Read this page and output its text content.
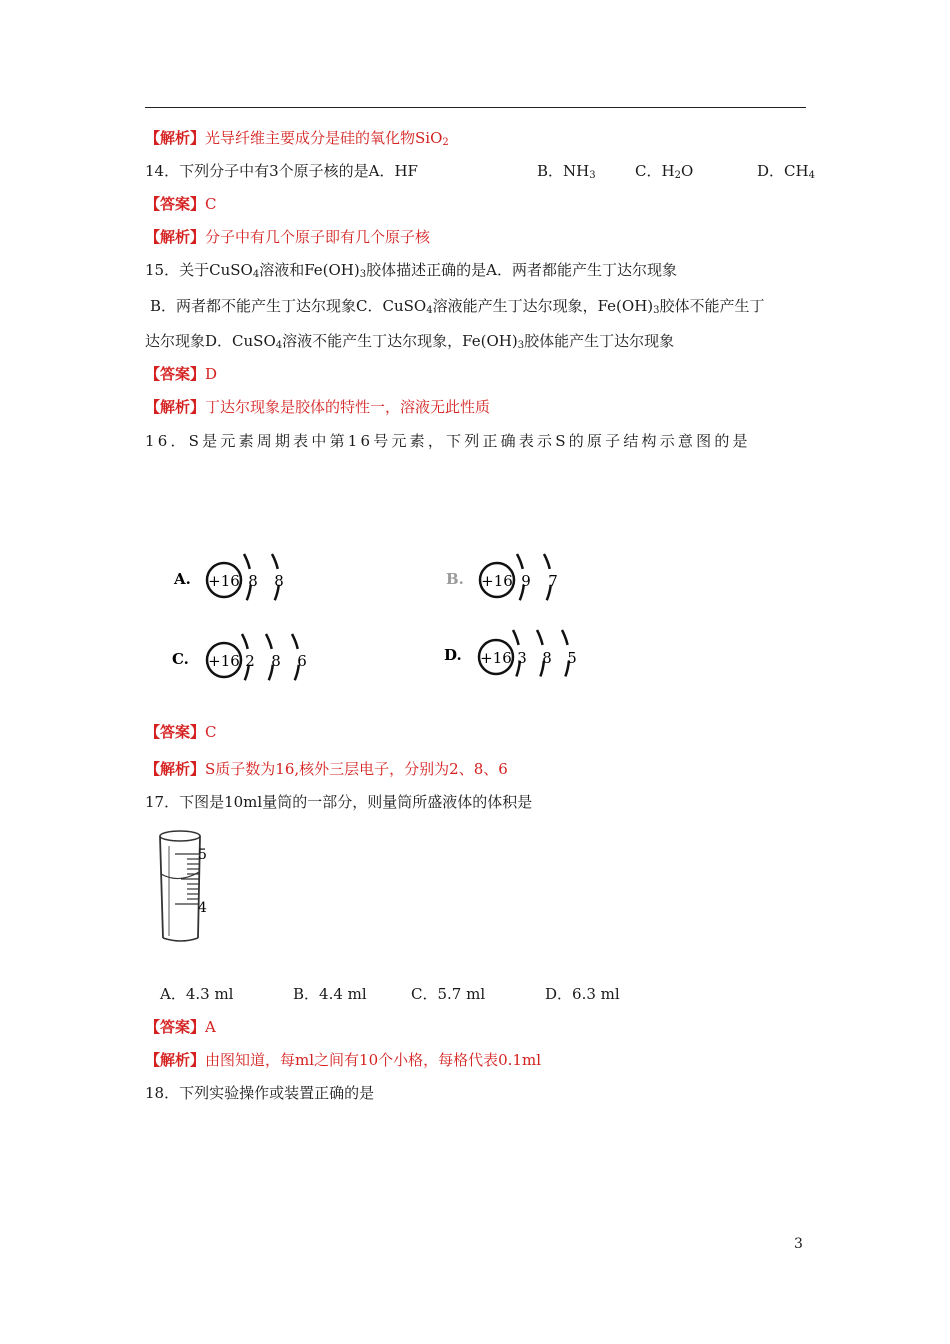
【解析】光导纤维主要成分是硅的氧化物SiO$_2$
14．下列分子中有3个原子核的是A．HF	B．$NH_3$	C．$H_2O$	D．$CH_4$
【答案】C
【解析】分子中有几个原子即有几个原子核
15．关于CuSO$_4$溶液和$Fe(OH)_3$胶体描述正确的是A．两者都能产生丁达尔现象
B．两者都不能产生丁达尔现象C．CuSO$_4$溶液能产生丁达尔现象，$Fe(OH)_3$胶体不能产生丁
达尔现象D．CuSO$_4$溶液不能产生丁达尔现象，$Fe(OH)_3$胶体能产生丁达尔现象
【答案】D
【解析】丁达尔现象是胶体的特性一，溶液无此性质
16．S是元素周期表中第16号元素，下列正确表示S的原子结构示意图的是
A. +16 8 8	B. +16 9 7
C. +16 2 8 6	D. +16 3 8 5
【答案】C
【解析】S质子数为16,核外三层电子，分别为2、8、6
17．下图是10ml量筒的一部分，则量筒所盛液体的体积是
5
4
A．4.3 ml	B．4.4 ml	C．5.7 ml	D．6.3 ml
【答案】A
【解析】由图知道，每ml之间有10个小格，每格代表0.1ml
18．下列实验操作或装置正确的是
3
